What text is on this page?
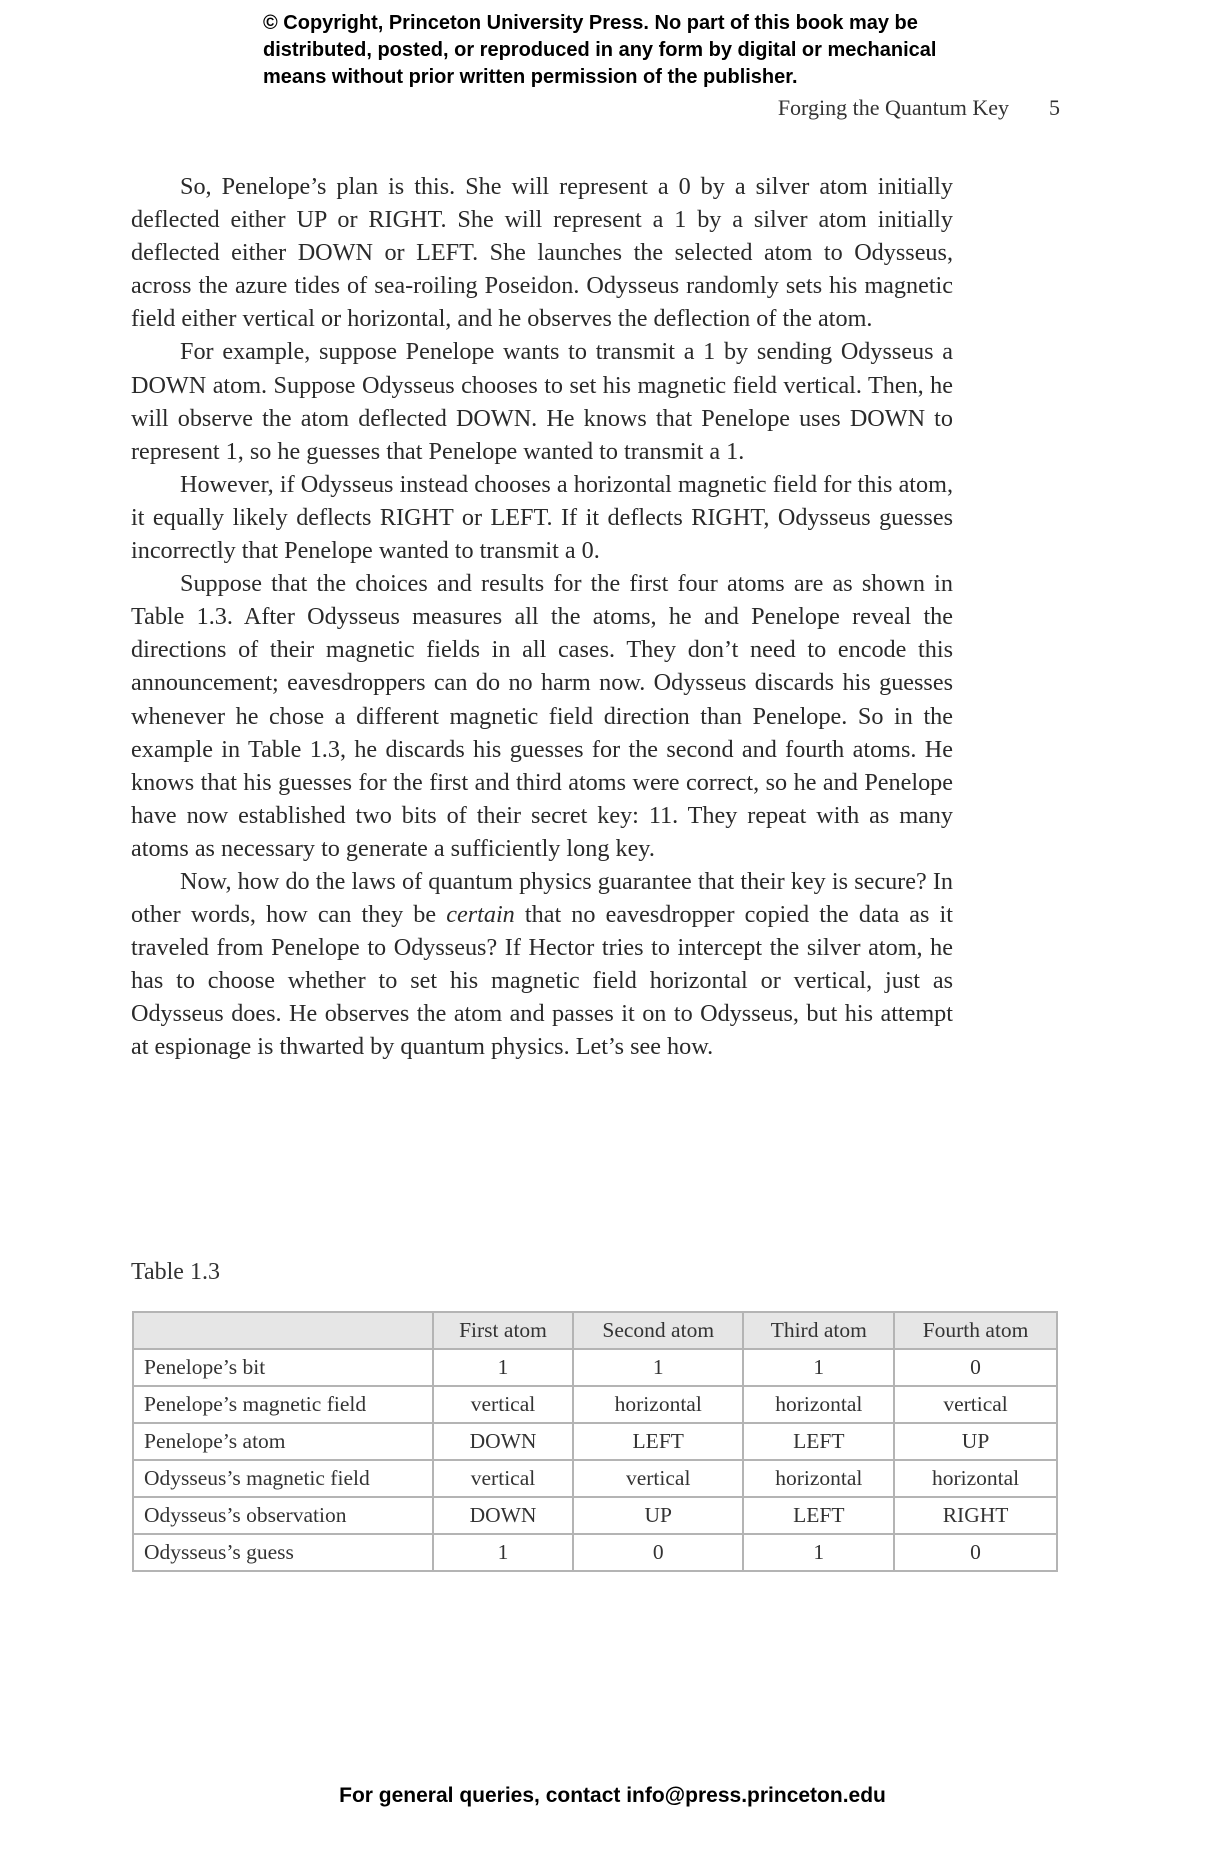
© Copyright, Princeton University Press. No part of this book may be
distributed, posted, or reproduced in any form by digital or mechanical
means without prior written permission of the publisher.
Forging the Quantum Key 5

So, Penelope’s plan is this. She will represent a 0 by a silver atom initially deflected either UP or RIGHT. She will represent a 1 by a silver atom initially deflected either DOWN or LEFT. She launches the selected atom to Odysseus, across the azure tides of sea-roiling Poseidon. Odysseus randomly sets his magnetic field either vertical or horizontal, and he observes the deflection of the atom.

For example, suppose Penelope wants to transmit a 1 by sending Odysseus a DOWN atom. Suppose Odysseus chooses to set his magnetic field vertical. Then, he will observe the atom deflected DOWN. He knows that Penelope uses DOWN to represent 1, so he guesses that Penelope wanted to transmit a 1.

However, if Odysseus instead chooses a horizontal magnetic field for this atom, it equally likely deflects RIGHT or LEFT. If it deflects RIGHT, Odysseus guesses incorrectly that Penelope wanted to transmit a 0.

Suppose that the choices and results for the first four atoms are as shown in Table 1.3. After Odysseus measures all the atoms, he and Penelope reveal the directions of their magnetic fields in all cases. They don’t need to encode this announcement; eavesdroppers can do no harm now. Odysseus discards his guesses whenever he chose a different magnetic field direction than Penelope. So in the example in Table 1.3, he discards his guesses for the second and fourth atoms. He knows that his guesses for the first and third atoms were correct, so he and Penelope have now established two bits of their secret key: 11. They repeat with as many atoms as necessary to generate a sufficiently long key.

Now, how do the laws of quantum physics guarantee that their key is secure? In other words, how can they be certain that no eavesdropper copied the data as it traveled from Penelope to Odysseus? If Hector tries to intercept the silver atom, he has to choose whether to set his magnetic field horizontal or vertical, just as Odysseus does. He observes the atom and passes it on to Odysseus, but his attempt at espionage is thwarted by quantum physics. Let’s see how.

Table 1.3
	First atom	Second atom	Third atom	Fourth atom
Penelope’s bit	1	1	1	0
Penelope’s magnetic field	vertical	horizontal	horizontal	vertical
Penelope’s atom	DOWN	LEFT	LEFT	UP
Odysseus’s magnetic field	vertical	vertical	horizontal	horizontal
Odysseus’s observation	DOWN	UP	LEFT	RIGHT
Odysseus’s guess	1	0	1	0
For general queries, contact info@press.princeton.edu
